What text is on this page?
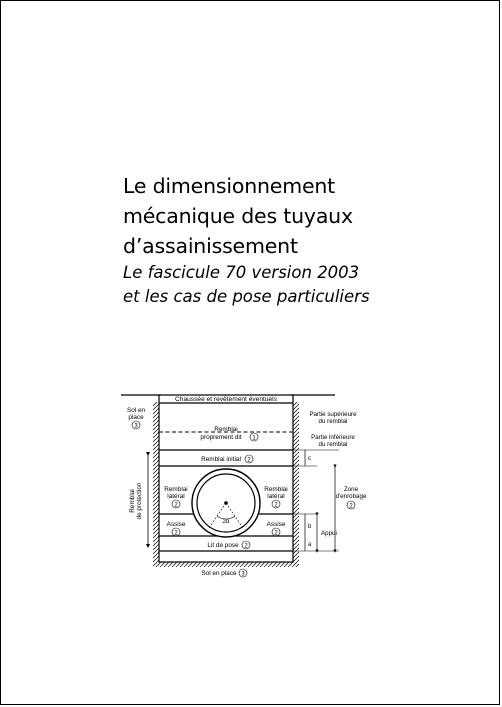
Le dimensionnement
mécanique des tuyaux
d’assainissement
Le fascicule 70 version 2003
et les cas de pose particuliers
Chaussée et revêtement éventuels
Remblai
proprement dit 1
Remblai initial 2
Remblai
latéral
2
Remblai
latéral
2
Assise
2
Assise
2
2α
Lit de pose 2
Sol en place 3
Sol en
place
3
Remblai de protection
Partie supérieure
du remblai
Partie inférieure
du remblai
c
b
a
Appui
Zone
d'enrobage
2
